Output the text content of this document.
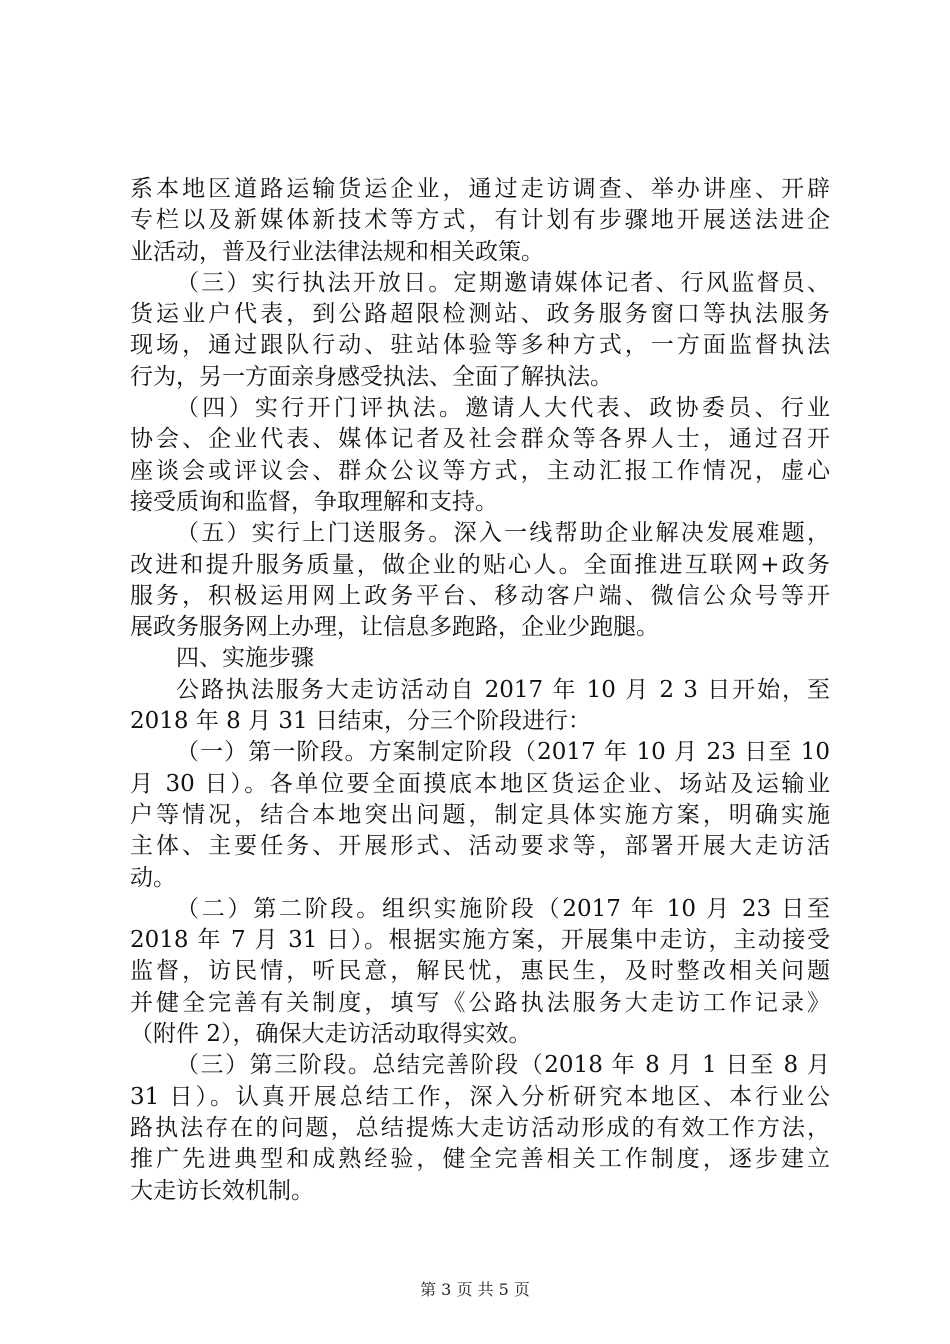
系本地区道路运输货运企业，通过走访调查、举办讲座、开辟
专栏以及新媒体新技术等方式，有计划有步骤地开展送法进企
业活动，普及行业法律法规和相关政策。
（三）实行执法开放日。定期邀请媒体记者、行风监督员、
货运业户代表，到公路超限检测站、政务服务窗口等执法服务
现场，通过跟队行动、驻站体验等多种方式，一方面监督执法
行为，另一方面亲身感受执法、全面了解执法。
（四）实行开门评执法。邀请人大代表、政协委员、行业
协会、企业代表、媒体记者及社会群众等各界人士，通过召开
座谈会或评议会、群众公议等方式，主动汇报工作情况，虚心
接受质询和监督，争取理解和支持。
（五）实行上门送服务。深入一线帮助企业解决发展难题，
改进和提升服务质量，做企业的贴心人。全面推进互联网+政务
服务，积极运用网上政务平台、移动客户端、微信公众号等开
展政务服务网上办理，让信息多跑路，企业少跑腿。
四、实施步骤
公路执法服务大走访活动自 2017 年 10 月 2 3 日开始，至
2018 年 8 月 31 日结束，分三个阶段进行：
（一）第一阶段。方案制定阶段（2017 年 10 月 23 日至 10
月 30 日）。各单位要全面摸底本地区货运企业、场站及运输业
户等情况，结合本地突出问题，制定具体实施方案，明确实施
主体、主要任务、开展形式、活动要求等，部署开展大走访活
动。
（二）第二阶段。组织实施阶段（2017 年 10 月 23 日至
2018 年 7 月 31 日）。根据实施方案，开展集中走访，主动接受
监督，访民情，听民意，解民忧，惠民生，及时整改相关问题
并健全完善有关制度，填写《公路执法服务大走访工作记录》
（附件 2），确保大走访活动取得实效。
（三）第三阶段。总结完善阶段（2018 年 8 月 1 日至 8 月
31 日）。认真开展总结工作，深入分析研究本地区、本行业公
路执法存在的问题，总结提炼大走访活动形成的有效工作方法，
推广先进典型和成熟经验，健全完善相关工作制度，逐步建立
大走访长效机制。
第 3 页 共 5 页
